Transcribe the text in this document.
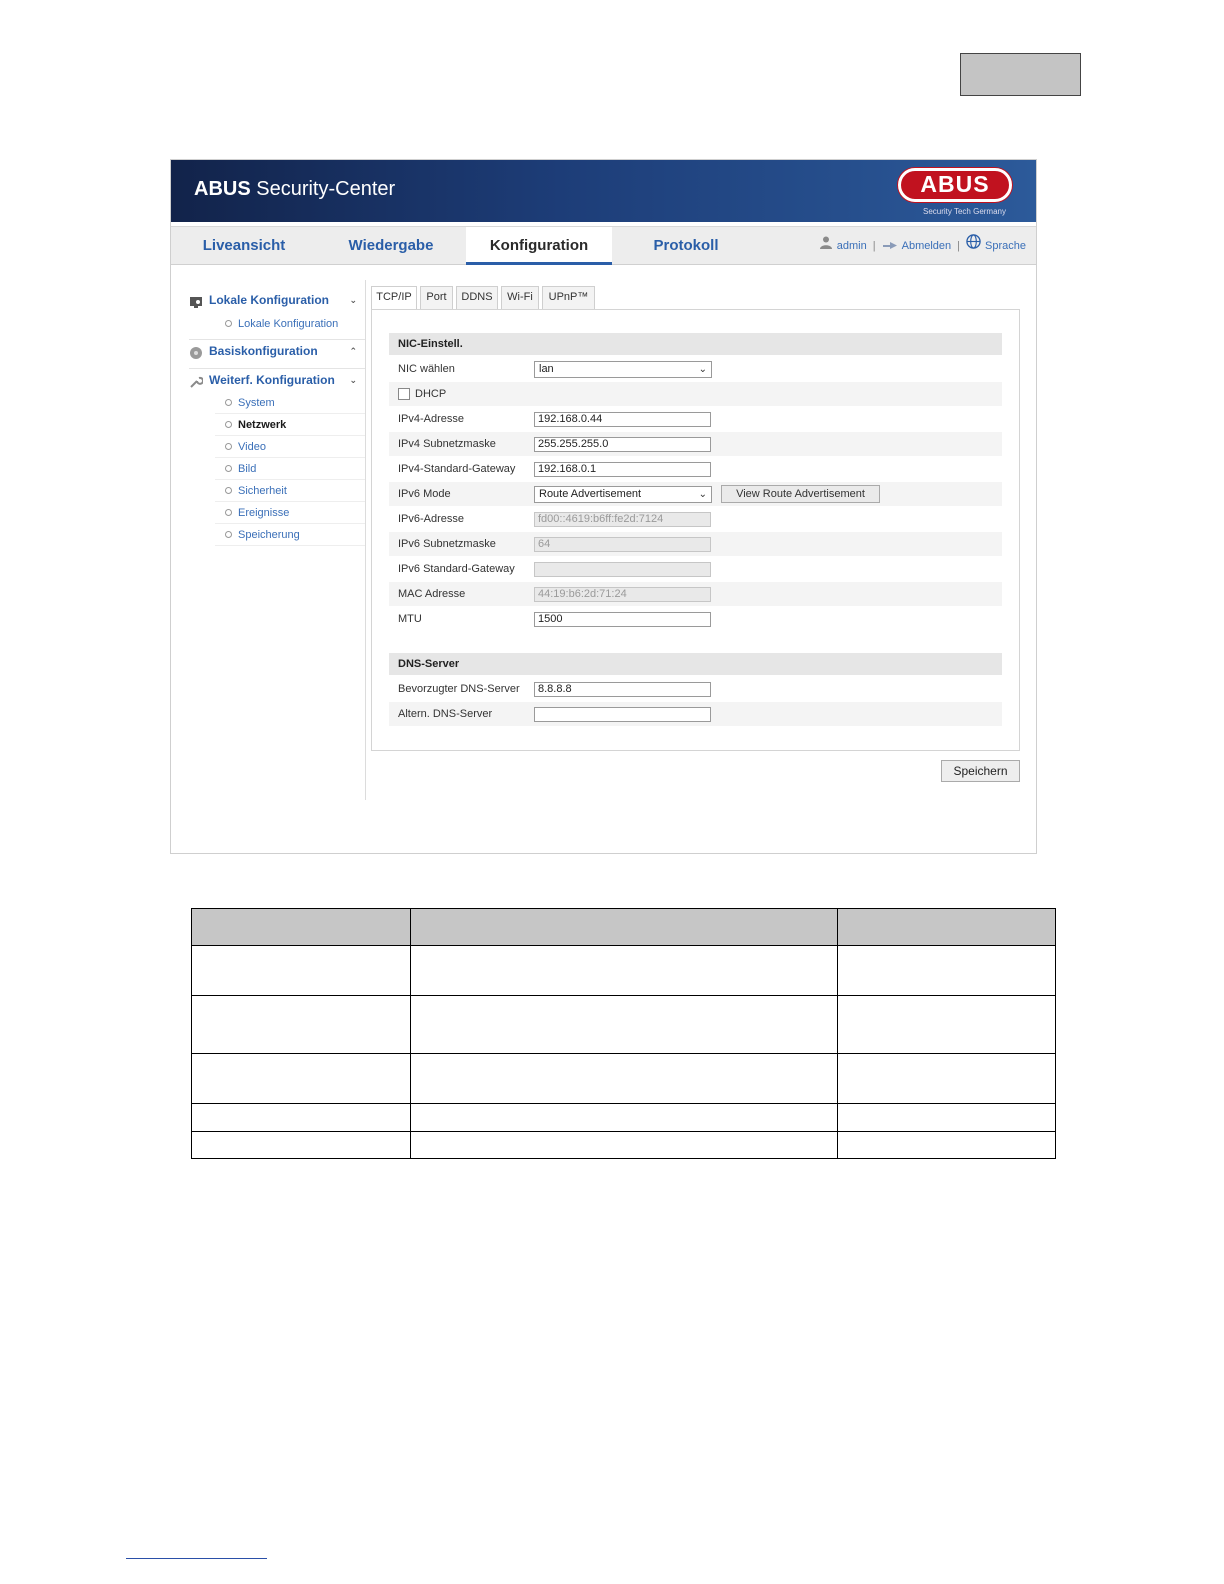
ABUS Security-Center	ABUS
Security Tech Germany
Liveansicht	Wiedergabe	Konfiguration	Protokoll	admin | Abmelden | Sprache
Lokale Konfiguration ⌄
Lokale Konfiguration
Basiskonfiguration	⌃
Weiterf. Konfiguration ⌄
System
Netzwerk
Video
Bild
Sicherheit
Ereignisse
Speicherung
TCP/IP	Port	DDNS	Wi-Fi	UPnP™
NIC-Einstell.
NIC wählen	lan	⌄
DHCP
IPv4-Adresse	192.168.0.44
IPv4 Subnetzmaske	255.255.255.0
IPv4-Standard-Gateway	192.168.0.1
IPv6 Mode	Route Advertisement	⌄	View Route Advertisement
IPv6-Adresse	fd00::4619:b6ff:fe2d:7124
IPv6 Subnetzmaske	64
IPv6 Standard-Gateway
MAC Adresse	44:19:b6:2d:71:24
MTU	1500
DNS-Server
Bevorzugter DNS-Server	8.8.8.8
Altern. DNS-Server
Speichern
